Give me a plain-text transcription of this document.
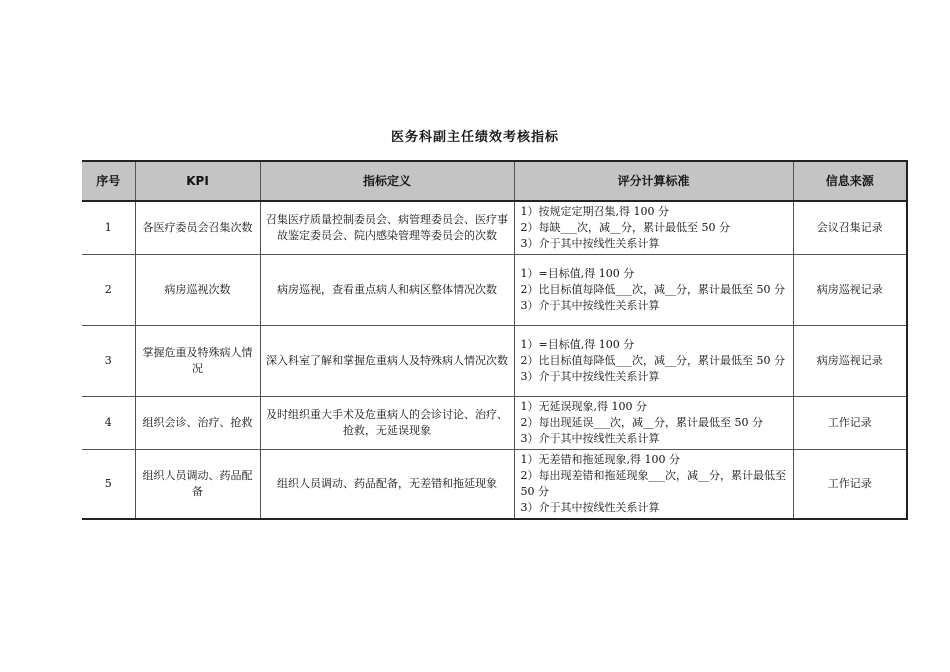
医务科副主任绩效考核指标
序号	KPI	指标定义	评分计算标准	信息来源
1	各医疗委员会召集次数	召集医疗质量控制委员会、病管理委员会、医疗事故鉴定委员会、院内感染管理等委员会的次数	1）按规定定期召集,得 100 分
2）每缺___次，减__分，累计最低至 50 分
3）介于其中按线性关系计算	会议召集记录
2	病房巡视次数	病房巡视，查看重点病人和病区整体情况次数	1）=目标值,得 100 分
2）比目标值每降低___次，减__分，累计最低至 50 分
3）介于其中按线性关系计算	病房巡视记录
3	掌握危重及特殊病人情况	深入科室了解和掌握危重病人及特殊病人情况次数	1）=目标值,得 100 分
2）比目标值每降低___次，减__分，累计最低至 50 分
3）介于其中按线性关系计算	病房巡视记录
4	组织会诊、治疗、抢救	及时组织重大手术及危重病人的会诊讨论、治疗、抢救，无延误现象	1）无延误现象,得 100 分
2）每出现延误___次，减__分，累计最低至 50 分
3）介于其中按线性关系计算	工作记录
5	组织人员调动、药品配备	组织人员调动、药品配备，无差错和拖延现象	1）无差错和拖延现象,得 100 分
2）每出现差错和拖延现象___次，减__分，累计最低至 50 分
3）介于其中按线性关系计算	工作记录
